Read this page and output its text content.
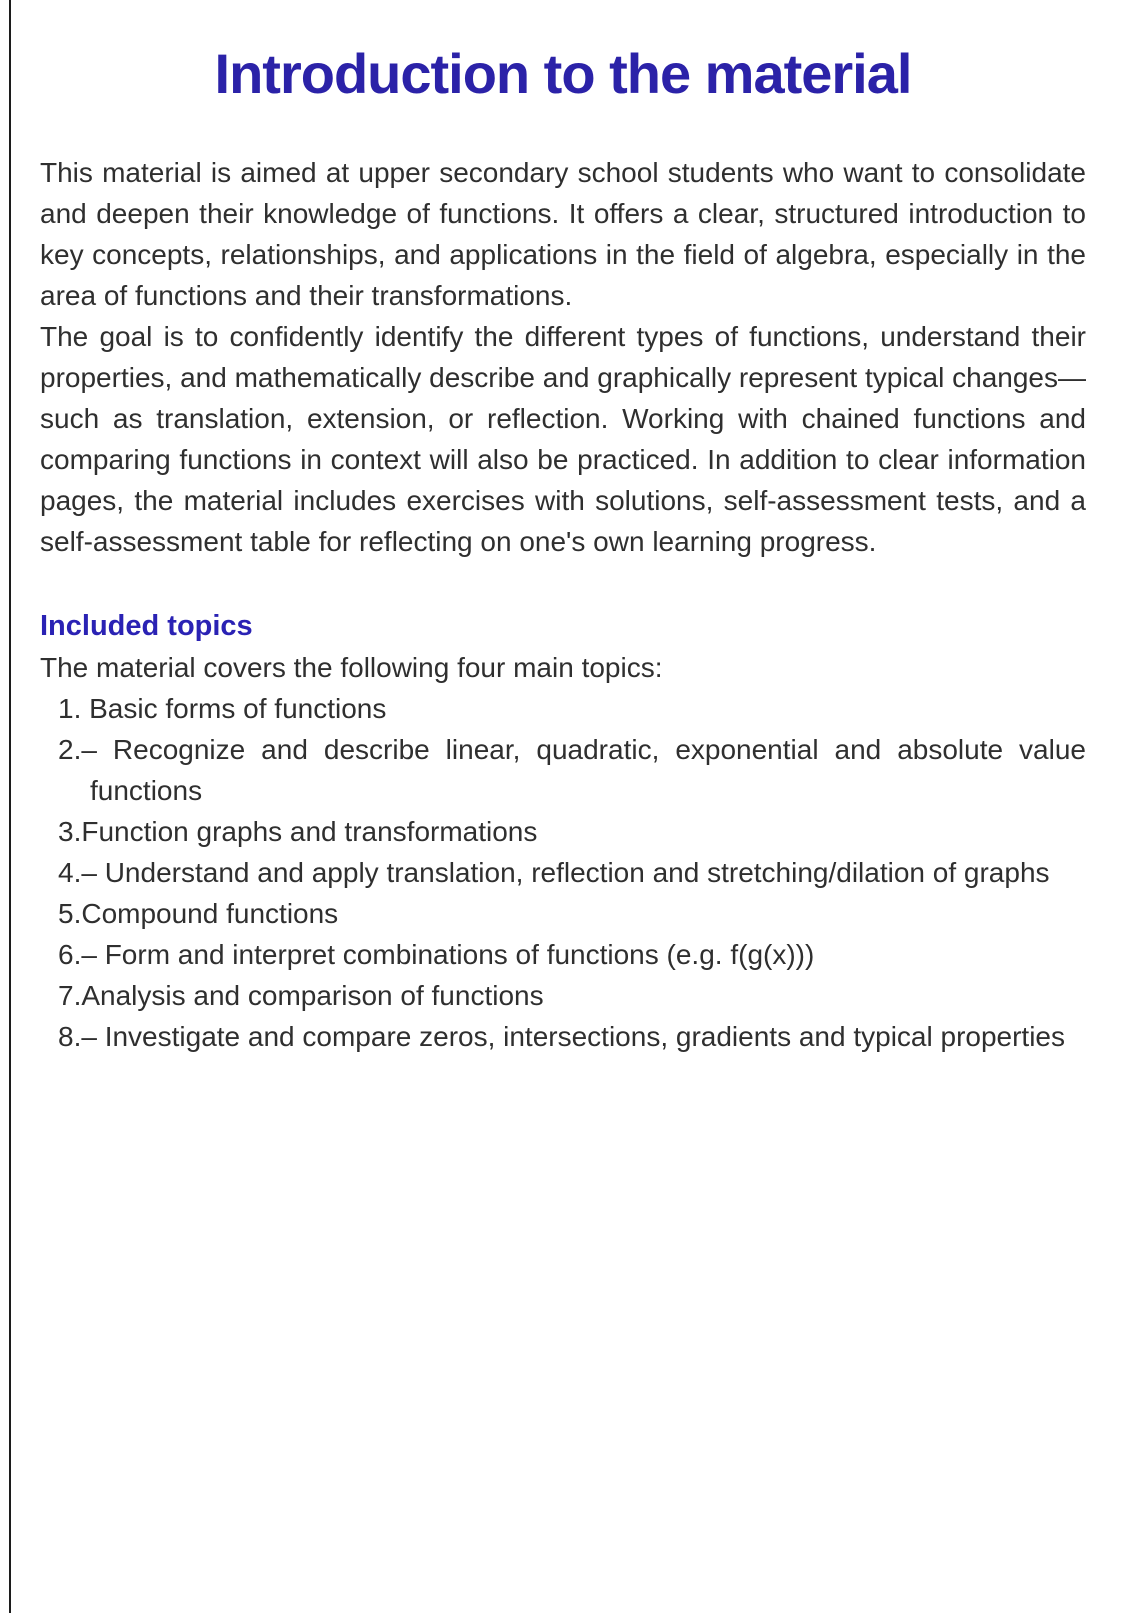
Introduction to the material

This material is aimed at upper secondary school students who want to consolidate and deepen their knowledge of functions. It offers a clear, structured introduction to key concepts, relationships, and applications in the field of algebra, especially in the area of functions and their transformations.

The goal is to confidently identify the different types of functions, understand their properties, and mathematically describe and graphically represent typical changes—such as translation, extension, or reflection. Working with chained functions and comparing functions in context will also be practiced. In addition to clear information pages, the material includes exercises with solutions, self-assessment tests, and a self-assessment table for reflecting on one's own learning progress.

Included topics

The material covers the following four main topics:

1. Basic forms of functions
2.– Recognize and describe linear, quadratic, exponential and absolute value functions
3.Function graphs and transformations
4.– Understand and apply translation, reflection and stretching/dilation of graphs
5.Compound functions
6.– Form and interpret combinations of functions (e.g. f(g(x)))
7.Analysis and comparison of functions
8.– Investigate and compare zeros, intersections, gradients and typical properties
